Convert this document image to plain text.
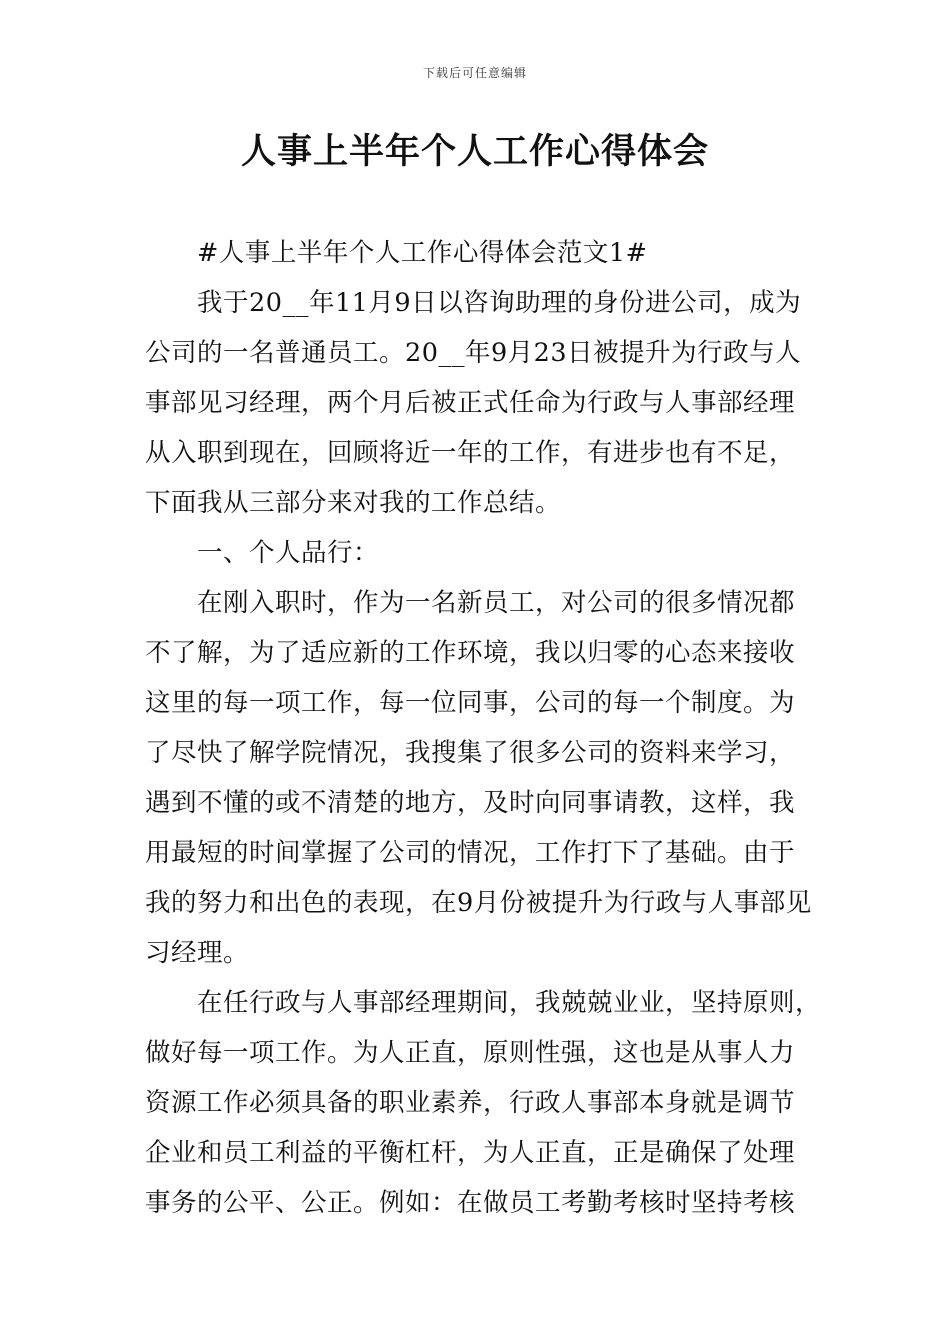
下载后可任意编辑
人事上半年个人工作心得体会
#人事上半年个人工作心得体会范文1#
我于20__年11月9日以咨询助理的身份进公司，成为
公司的一名普通员工。20__年9月23日被提升为行政与人
事部见习经理，两个月后被正式任命为行政与人事部经理
从入职到现在，回顾将近一年的工作，有进步也有不足，
下面我从三部分来对我的工作总结。
一、个人品行：
在刚入职时，作为一名新员工，对公司的很多情况都
不了解，为了适应新的工作环境，我以归零的心态来接收
这里的每一项工作，每一位同事，公司的每一个制度。为
了尽快了解学院情况，我搜集了很多公司的资料来学习，
遇到不懂的或不清楚的地方，及时向同事请教，这样，我
用最短的时间掌握了公司的情况，工作打下了基础。由于
我的努力和出色的表现，在9月份被提升为行政与人事部见
习经理。
在任行政与人事部经理期间，我兢兢业业，坚持原则，
做好每一项工作。为人正直，原则性强，这也是从事人力
资源工作必须具备的职业素养，行政人事部本身就是调节
企业和员工利益的平衡杠杆，为人正直，正是确保了处理
事务的公平、公正。例如：在做员工考勤考核时坚持考核
